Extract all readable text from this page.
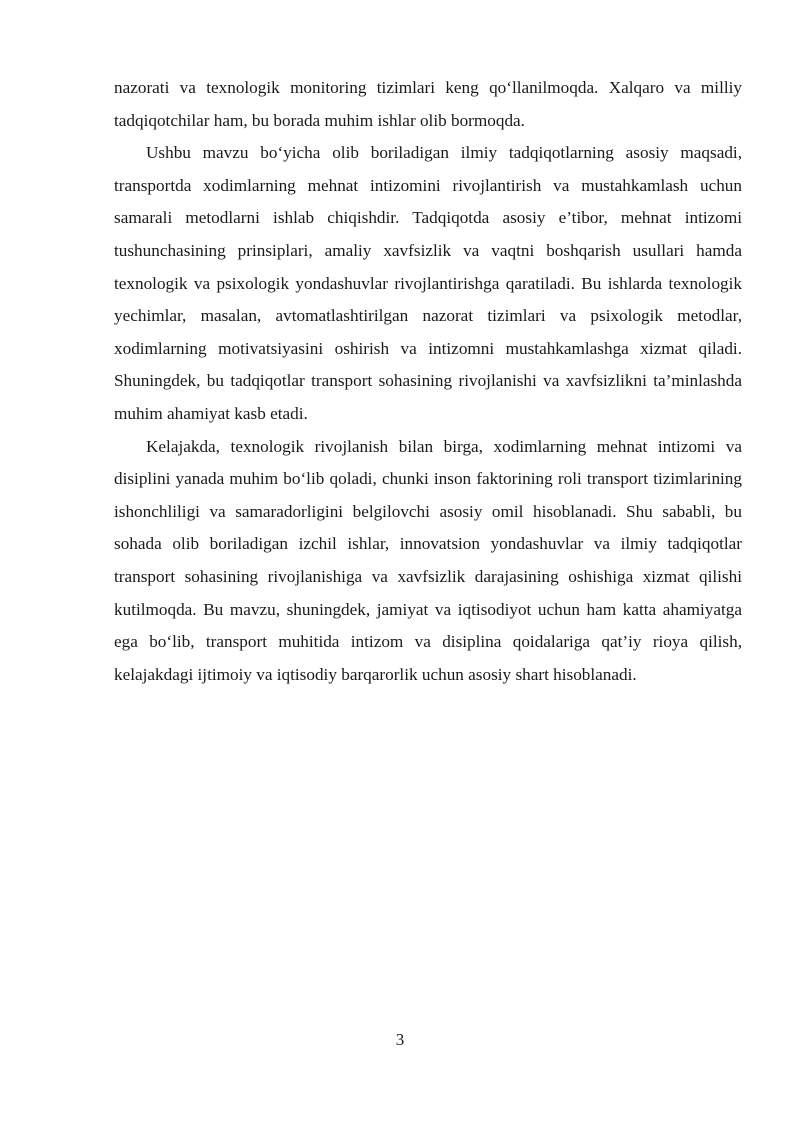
nazorati va texnologik monitoring tizimlari keng qo‘llanilmoqda. Xalqaro va milliy tadqiqotchilar ham, bu borada muhim ishlar olib bormoqda.

Ushbu mavzu bo‘yicha olib boriladigan ilmiy tadqiqotlarning asosiy maqsadi, transportda xodimlarning mehnat intizomini rivojlantirish va mustahkamlash uchun samarali metodlarni ishlab chiqishdir. Tadqiqotda asosiy e’tibor, mehnat intizomi tushunchasining prinsiplari, amaliy xavfsizlik va vaqtni boshqarish usullari hamda texnologik va psixologik yondashuvlar rivojlantirishga qaratiladi. Bu ishlarda texnologik yechimlar, masalan, avtomatlashtirilgan nazorat tizimlari va psixologik metodlar, xodimlarning motivatsiyasini oshirish va intizomni mustahkamlashga xizmat qiladi. Shuningdek, bu tadqiqotlar transport sohasining rivojlanishi va xavfsizlikni ta’minlashda muhim ahamiyat kasb etadi.

Kelajakda, texnologik rivojlanish bilan birga, xodimlarning mehnat intizomi va disiplini yanada muhim bo‘lib qoladi, chunki inson faktorining roli transport tizimlarining ishonchliligi va samaradorligini belgilovchi asosiy omil hisoblanadi. Shu sababli, bu sohada olib boriladigan izchil ishlar, innovatsion yondashuvlar va ilmiy tadqiqotlar transport sohasining rivojlanishiga va xavfsizlik darajasining oshishiga xizmat qilishi kutilmoqda. Bu mavzu, shuningdek, jamiyat va iqtisodiyot uchun ham katta ahamiyatga ega bo‘lib, transport muhitida intizom va disiplina qoidalariga qat’iy rioya qilish, kelajakdagi ijtimoiy va iqtisodiy barqarorlik uchun asosiy shart hisoblanadi.

3
